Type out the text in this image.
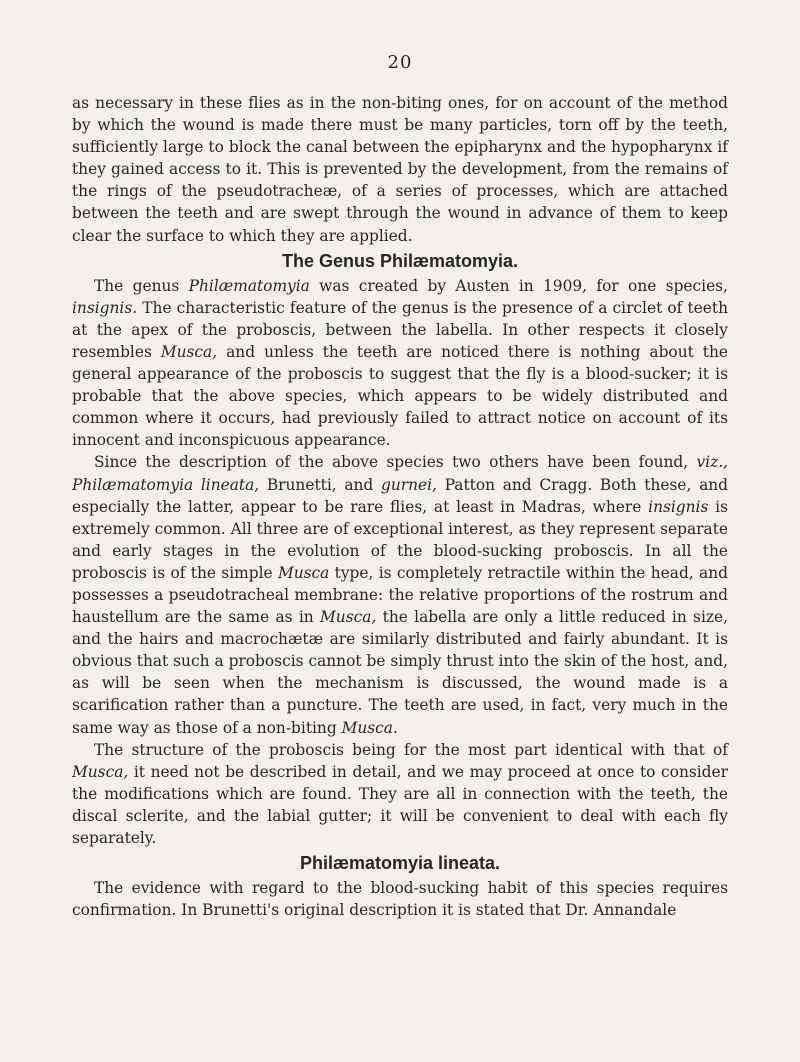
20

as necessary in these flies as in the non-biting ones, for on account of the method by which the wound is made there must be many particles, torn off by the teeth, sufficiently large to block the canal between the epipharynx and the hypopharynx if they gained access to it. This is prevented by the development, from the remains of the rings of the pseudotracheæ, of a series of processes, which are attached between the teeth and are swept through the wound in advance of them to keep clear the surface to which they are applied.

The Genus Philæmatomyia.

The genus Philæmatomyia was created by Austen in 1909, for one species, insignis. The characteristic feature of the genus is the presence of a circlet of teeth at the apex of the proboscis, between the labella. In other respects it closely resembles Musca, and unless the teeth are noticed there is nothing about the general appearance of the proboscis to suggest that the fly is a blood-sucker; it is probable that the above species, which appears to be widely distributed and common where it occurs, had previously failed to attract notice on account of its innocent and inconspicuous appearance.

Since the description of the above species two others have been found, viz., Philæmatomyia lineata, Brunetti, and gurnei, Patton and Cragg. Both these, and especially the latter, appear to be rare flies, at least in Madras, where insignis is extremely common. All three are of exceptional interest, as they represent separate and early stages in the evolution of the blood-sucking proboscis. In all the proboscis is of the simple Musca type, is completely retractile within the head, and possesses a pseudotracheal membrane: the relative proportions of the rostrum and haustellum are the same as in Musca, the labella are only a little reduced in size, and the hairs and macrochætæ are similarly distributed and fairly abundant. It is obvious that such a proboscis cannot be simply thrust into the skin of the host, and, as will be seen when the mechanism is discussed, the wound made is a scarification rather than a puncture. The teeth are used, in fact, very much in the same way as those of a non-biting Musca.

The structure of the proboscis being for the most part identical with that of Musca, it need not be described in detail, and we may proceed at once to consider the modifications which are found. They are all in connection with the teeth, the discal sclerite, and the labial gutter; it will be convenient to deal with each fly separately.

Philæmatomyia lineata.

The evidence with regard to the blood-sucking habit of this species requires confirmation. In Brunetti's original description it is stated that Dr. Annandale
